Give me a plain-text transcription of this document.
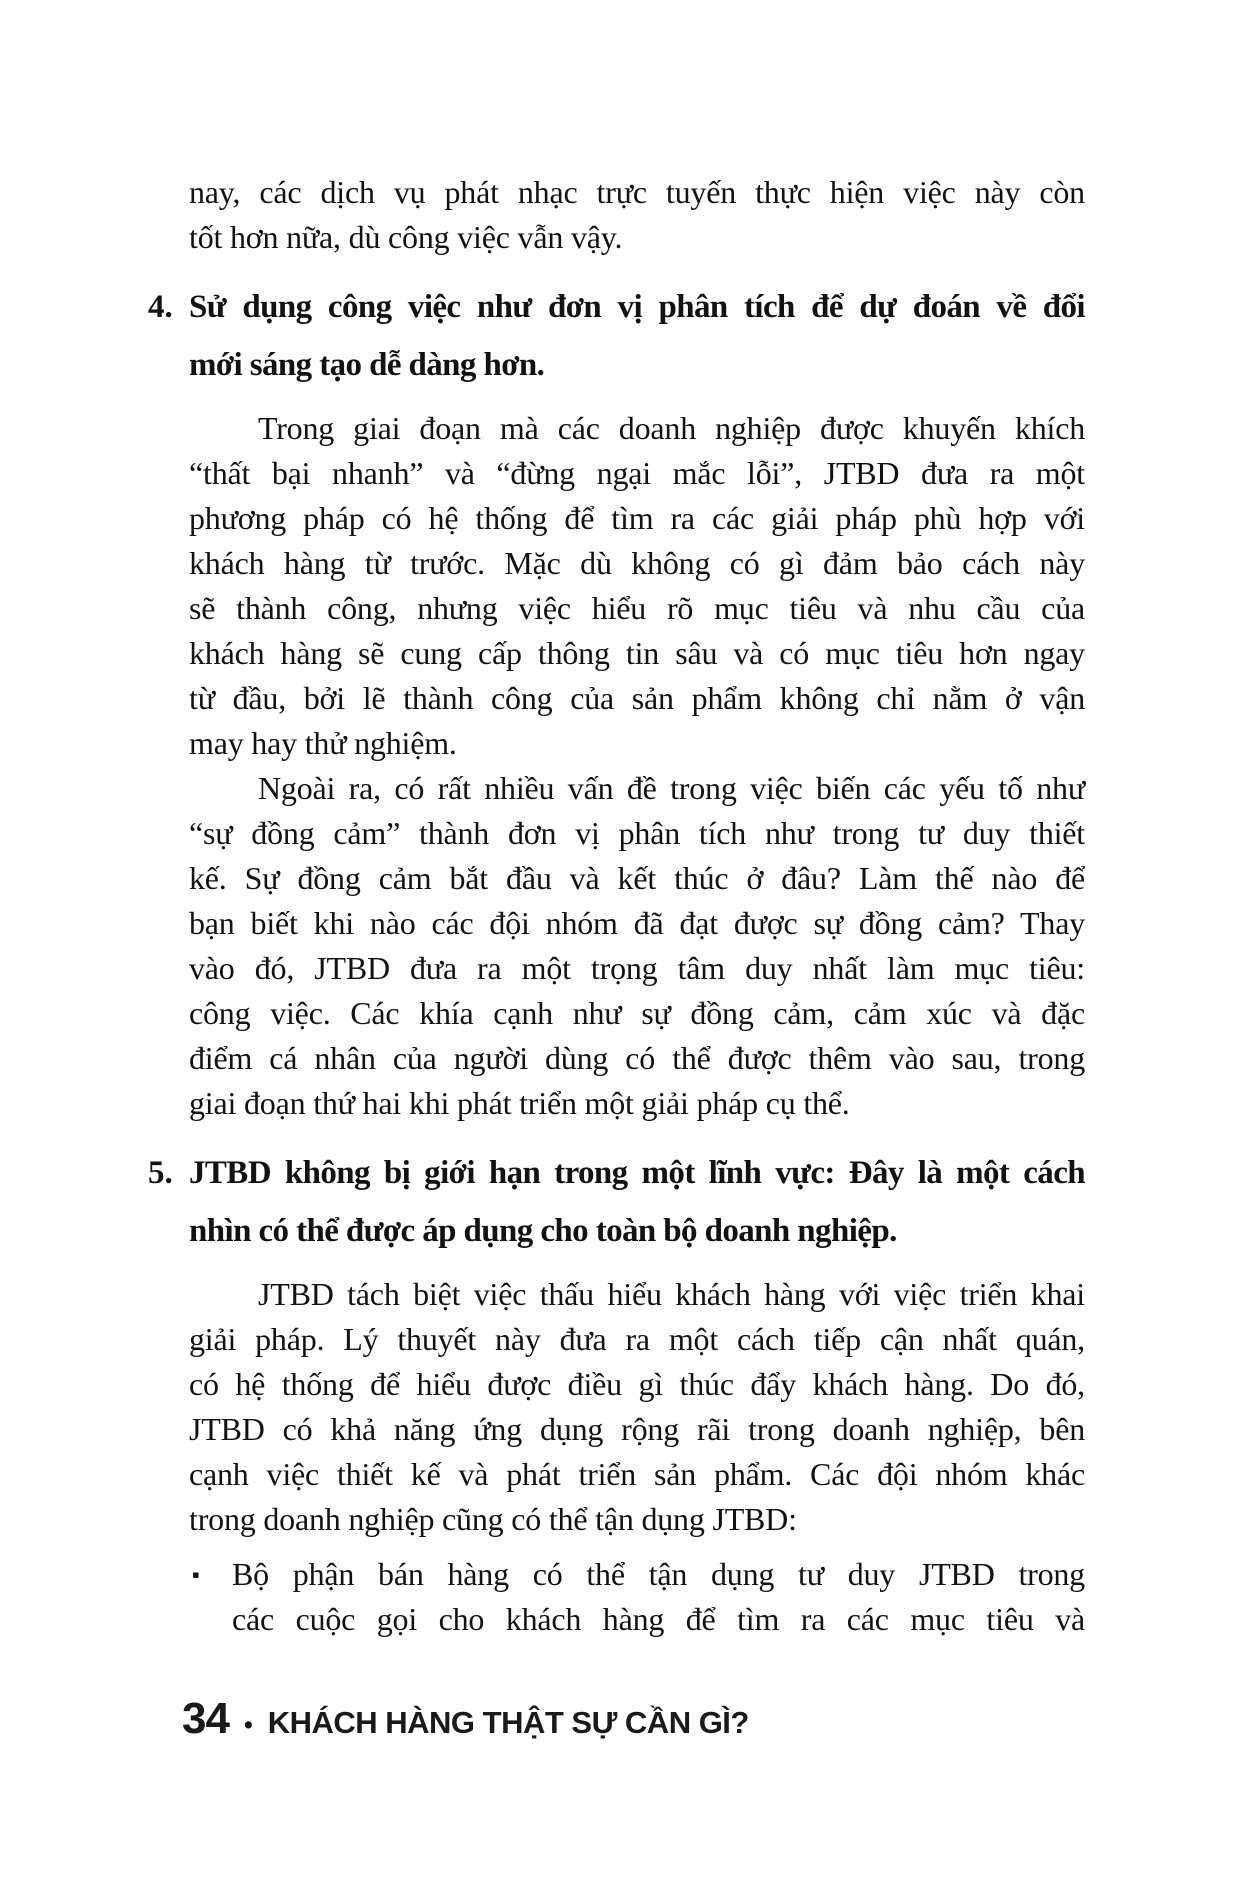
nay, các dịch vụ phát nhạc trực tuyến thực hiện việc này còn
tốt hơn nữa, dù công việc vẫn vậy.
4. Sử dụng công việc như đơn vị phân tích để dự đoán về đổi
mới sáng tạo dễ dàng hơn.
Trong giai đoạn mà các doanh nghiệp được khuyến khích
“thất bại nhanh” và “đừng ngại mắc lỗi”, JTBD đưa ra một
phương pháp có hệ thống để tìm ra các giải pháp phù hợp với
khách hàng từ trước. Mặc dù không có gì đảm bảo cách này
sẽ thành công, nhưng việc hiểu rõ mục tiêu và nhu cầu của
khách hàng sẽ cung cấp thông tin sâu và có mục tiêu hơn ngay
từ đầu, bởi lẽ thành công của sản phẩm không chỉ nằm ở vận
may hay thử nghiệm.
Ngoài ra, có rất nhiều vấn đề trong việc biến các yếu tố như
“sự đồng cảm” thành đơn vị phân tích như trong tư duy thiết
kế. Sự đồng cảm bắt đầu và kết thúc ở đâu? Làm thế nào để
bạn biết khi nào các đội nhóm đã đạt được sự đồng cảm? Thay
vào đó, JTBD đưa ra một trọng tâm duy nhất làm mục tiêu:
công việc. Các khía cạnh như sự đồng cảm, cảm xúc và đặc
điểm cá nhân của người dùng có thể được thêm vào sau, trong
giai đoạn thứ hai khi phát triển một giải pháp cụ thể.
5. JTBD không bị giới hạn trong một lĩnh vực: Đây là một cách
nhìn có thể được áp dụng cho toàn bộ doanh nghiệp.
JTBD tách biệt việc thấu hiểu khách hàng với việc triển khai
giải pháp. Lý thuyết này đưa ra một cách tiếp cận nhất quán,
có hệ thống để hiểu được điều gì thúc đẩy khách hàng. Do đó,
JTBD có khả năng ứng dụng rộng rãi trong doanh nghiệp, bên
cạnh việc thiết kế và phát triển sản phẩm. Các đội nhóm khác
trong doanh nghiệp cũng có thể tận dụng JTBD:
▪ Bộ phận bán hàng có thể tận dụng tư duy JTBD trong
các cuộc gọi cho khách hàng để tìm ra các mục tiêu và
34 • KHÁCH HÀNG THẬT SỰ CẦN GÌ?
